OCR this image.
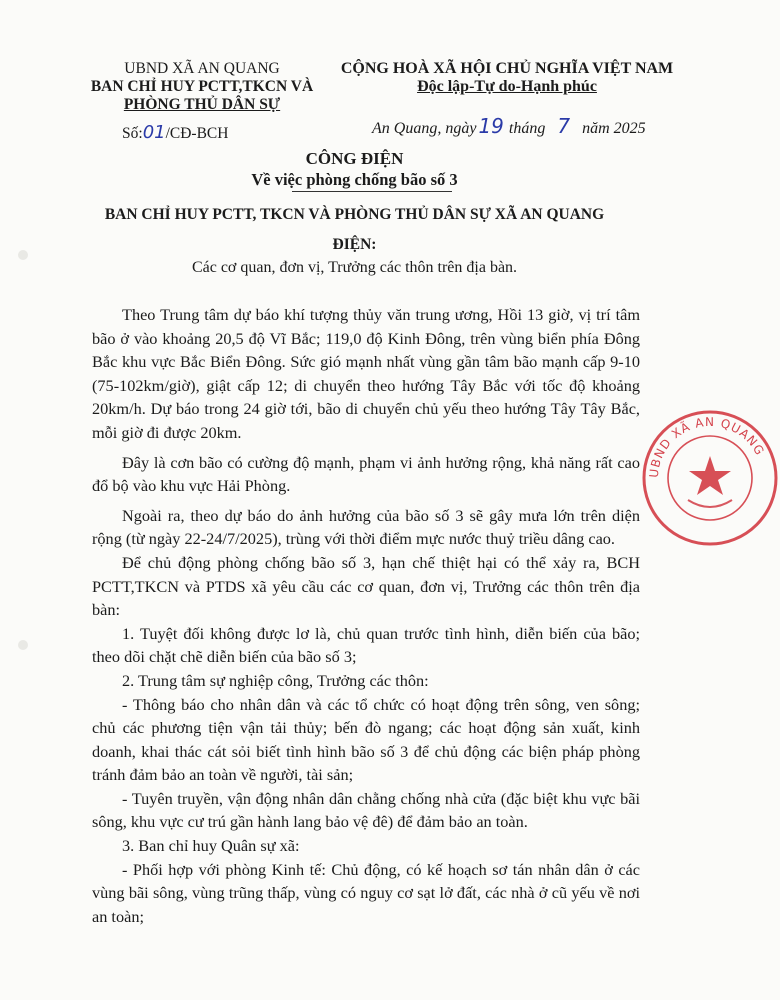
UBND XÃ AN QUANG
BAN CHỈ HUY PCTT,TKCN VÀ
PHÒNG THỦ DÂN SỰ
Số:01/CĐ-BCH
CỘNG HOÀ XÃ HỘI CHỦ NGHĨA VIỆT NAM
Độc lập-Tự do-Hạnh phúc
An Quang, ngày 19 tháng 7 năm 2025
CÔNG ĐIỆN
Về việc phòng chống bão số 3
BAN CHỈ HUY PCTT, TKCN VÀ PHÒNG THỦ DÂN SỰ XÃ AN QUANG
ĐIỆN:
Các cơ quan, đơn vị, Trưởng các thôn trên địa bàn.

Theo Trung tâm dự báo khí tượng thủy văn trung ương, Hồi 13 giờ, vị trí tâm bão ở vào khoảng 20,5 độ Vĩ Bắc; 119,0 độ Kinh Đông, trên vùng biển phía Đông Bắc khu vực Bắc Biển Đông. Sức gió mạnh nhất vùng gần tâm bão mạnh cấp 9-10 (75-102km/giờ), giật cấp 12; di chuyển theo hướng Tây Bắc với tốc độ khoảng 20km/h. Dự báo trong 24 giờ tới, bão di chuyển chủ yếu theo hướng Tây Tây Bắc, mỗi giờ đi được 20km.

Đây là cơn bão có cường độ mạnh, phạm vi ảnh hưởng rộng, khả năng rất cao đổ bộ vào khu vực Hải Phòng.

Ngoài ra, theo dự báo do ảnh hưởng của bão số 3 sẽ gây mưa lớn trên diện rộng (từ ngày 22-24/7/2025), trùng với thời điểm mực nước thuỷ triều dâng cao.

Để chủ động phòng chống bão số 3, hạn chế thiệt hại có thể xảy ra, BCH PCTT,TKCN và PTDS xã yêu cầu các cơ quan, đơn vị, Trưởng các thôn trên địa bàn:

1. Tuyệt đối không được lơ là, chủ quan trước tình hình, diễn biến của bão; theo dõi chặt chẽ diễn biến của bão số 3;

2. Trung tâm sự nghiệp công, Trưởng các thôn:

- Thông báo cho nhân dân và các tổ chức có hoạt động trên sông, ven sông; chủ các phương tiện vận tải thủy; bến đò ngang; các hoạt động sản xuất, kinh doanh, khai thác cát sỏi biết tình hình bão số 3 để chủ động các biện pháp phòng tránh đảm bảo an toàn về người, tài sản;

- Tuyên truyền, vận động nhân dân chằng chống nhà cửa (đặc biệt khu vực bãi sông, khu vực cư trú gần hành lang bảo vệ đê) để đảm bảo an toàn.

3. Ban chỉ huy Quân sự xã:

- Phối hợp với phòng Kinh tế: Chủ động, có kế hoạch sơ tán nhân dân ở các vùng bãi sông, vùng trũng thấp, vùng có nguy cơ sạt lở đất, các nhà ở cũ yếu về nơi an toàn;

UBND XÃ AN QUANG
